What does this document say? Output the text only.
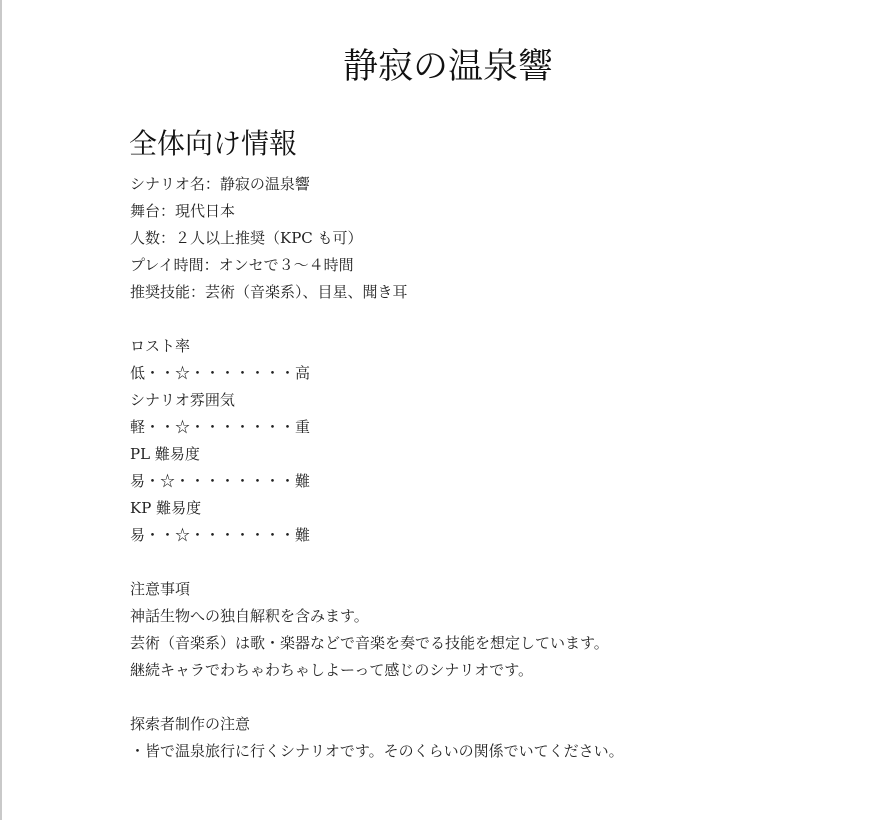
静寂の温泉響
全体向け情報
シナリオ名：静寂の温泉響
舞台：現代日本
人数：２人以上推奨（KPC も可）
プレイ時間：オンセで３～４時間
推奨技能：芸術（音楽系）、目星、聞き耳
ロスト率
低・・☆・・・・・・・高
シナリオ雰囲気
軽・・☆・・・・・・・重
PL 難易度
易・☆・・・・・・・・難
KP 難易度
易・・☆・・・・・・・難
注意事項
神話生物への独自解釈を含みます。
芸術（音楽系）は歌・楽器などで音楽を奏でる技能を想定しています。
継続キャラでわちゃわちゃしよーって感じのシナリオです。
探索者制作の注意
・皆で温泉旅行に行くシナリオです。そのくらいの関係でいてください。
